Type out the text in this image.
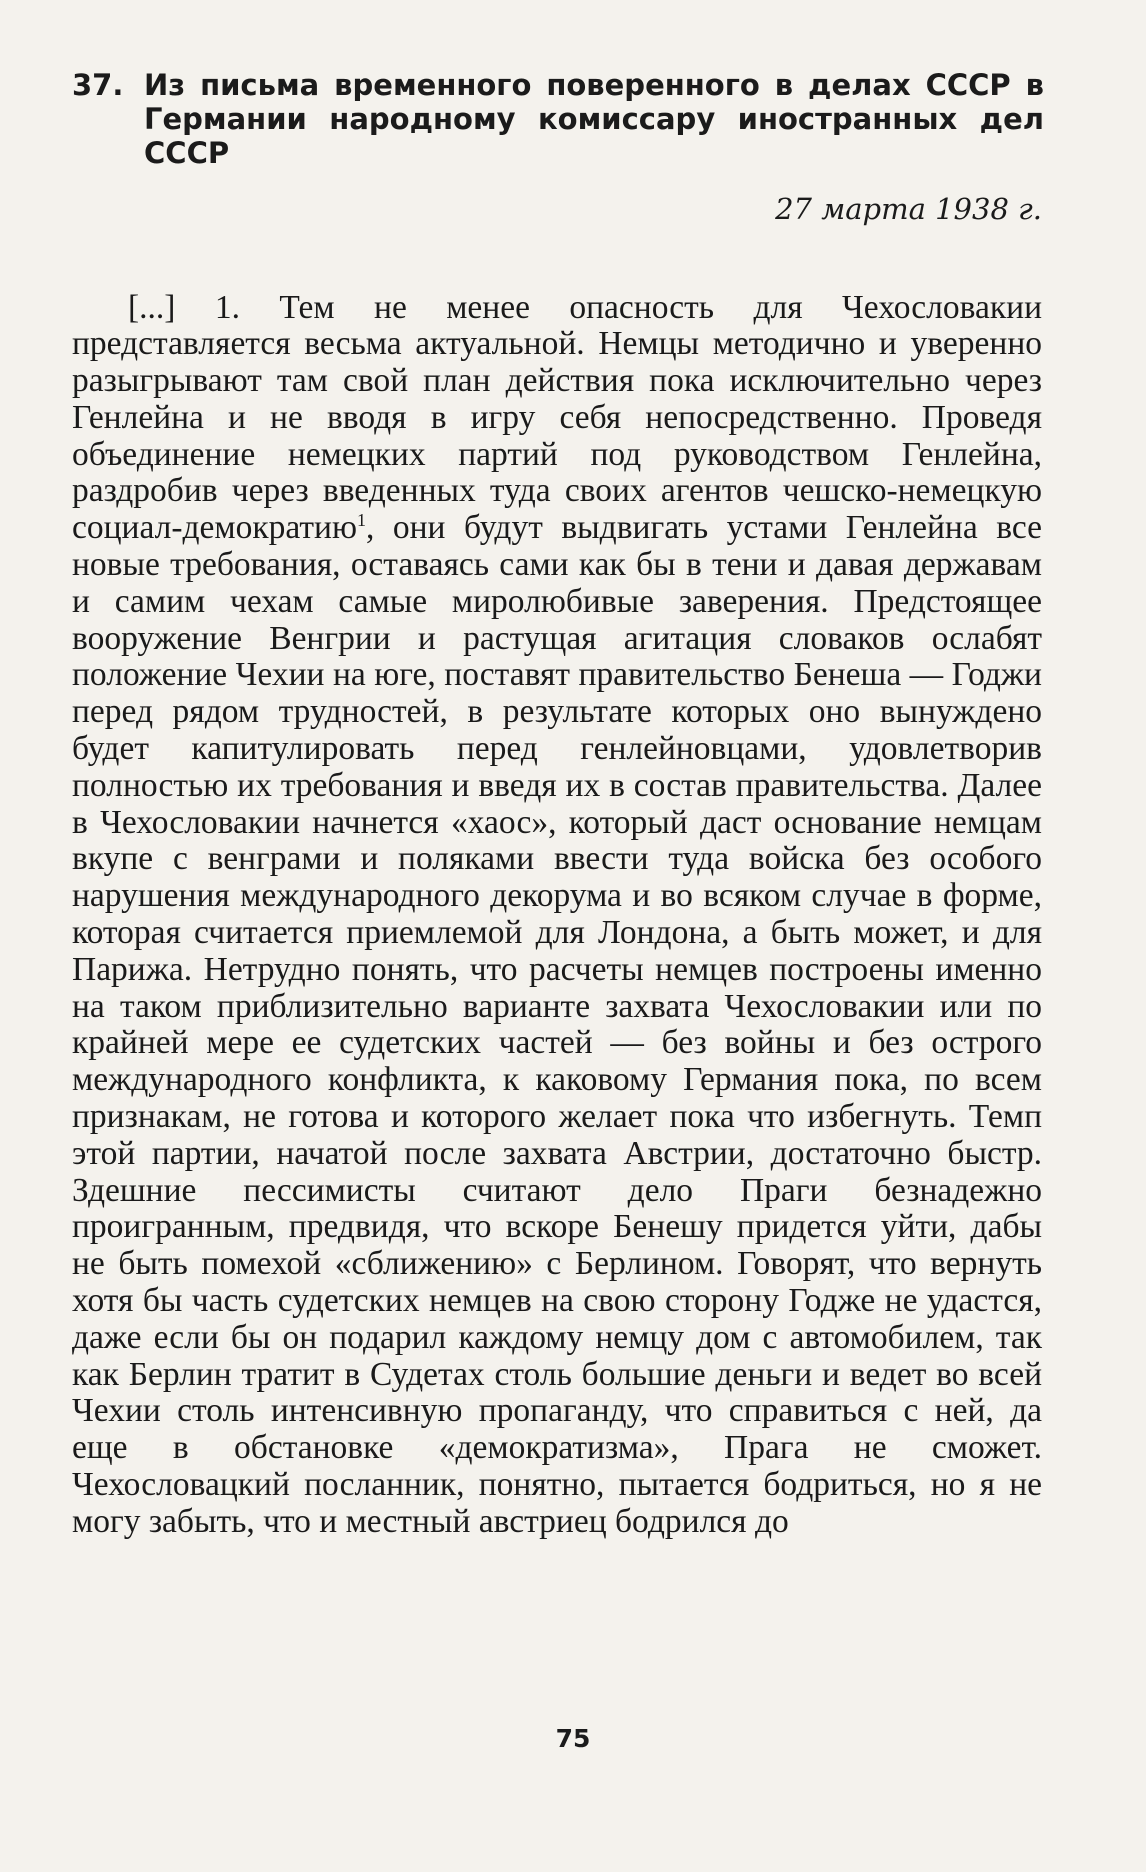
37. Из письма временного поверенного в делах СССР в Германии народному комиссару иностранных дел СССР
27 марта 1938 г.

[...] 1. Тем не менее опасность для Чехословакии представляется весьма актуальной. Немцы методично и уверенно разыгрывают там свой план действия пока исключительно через Генлейна и не вводя в игру себя непосредственно. Проведя объединение немецких партий под руководством Генлейна, раздробив через введенных туда своих агентов чешско-немецкую социал-демократию$^1$, они будут выдвигать устами Генлейна все новые требования, оставаясь сами как бы в тени и давая державам и самим чехам самые миролюбивые заверения. Предстоящее вооружение Венгрии и растущая агитация словаков ослабят положение Чехии на юге, поставят правительство Бенеша — Годжи перед рядом трудностей, в результате которых оно вынуждено будет капитулировать перед генлейновцами, удовлетворив полностью их требования и введя их в состав правительства. Далее в Чехословакии начнется «хаос», который даст основание немцам вкупе с венграми и поляками ввести туда войска без особого нарушения международного декорума и во всяком случае в форме, которая считается приемлемой для Лондона, а быть может, и для Парижа. Нетрудно понять, что расчеты немцев построены именно на таком приблизительно варианте захвата Чехословакии или по крайней мере ее судетских частей — без войны и без острого международного конфликта, к каковому Германия пока, по всем признакам, не готова и которого желает пока что избегнуть. Темп этой партии, начатой после захвата Австрии, достаточно быстр. Здешние пессимисты считают дело Праги безнадежно проигранным, предвидя, что вскоре Бенешу придется уйти, дабы не быть помехой «сближению» с Берлином. Говорят, что вернуть хотя бы часть судетских немцев на свою сторону Годже не удастся, даже если бы он подарил каждому немцу дом с автомобилем, так как Берлин тратит в Судетах столь большие деньги и ведет во всей Чехии столь интенсивную пропаганду, что справиться с ней, да еще в обстановке «демократизма», Прага не сможет. Чехословацкий посланник, понятно, пытается бодриться, но я не могу забыть, что и местный австриец бодрился до

75
